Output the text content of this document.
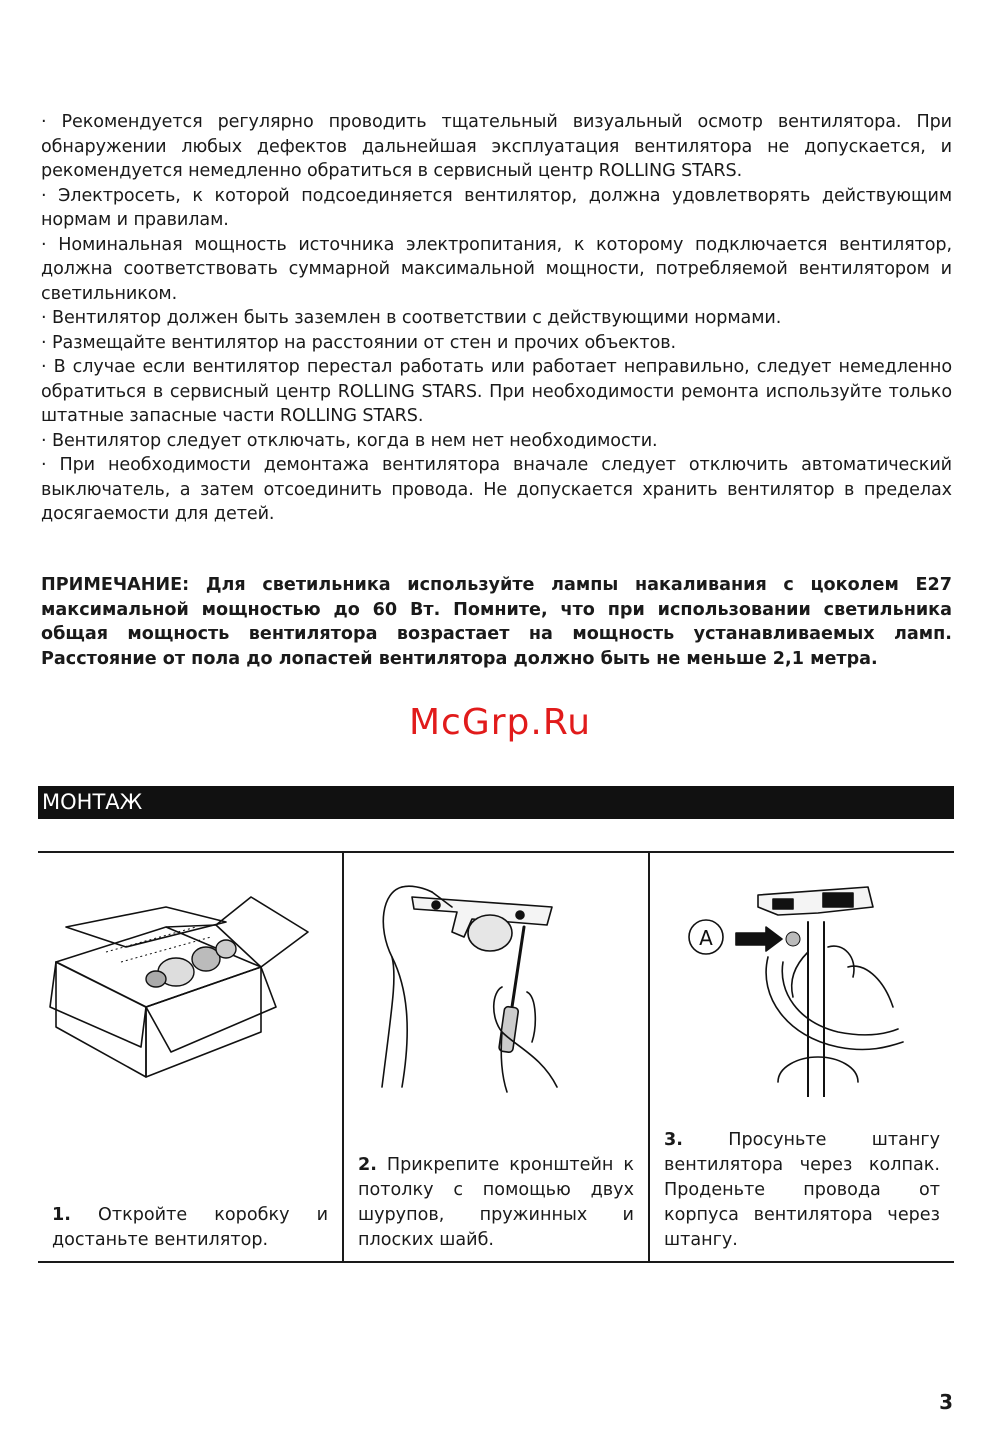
· Рекомендуется регулярно проводить тщательный визуальный осмотр вентилятора. При обнаружении любых дефектов дальнейшая эксплуатация вентилятора не допускается, и рекомендуется немедленно обратиться в сервисный центр ROLLING STARS.

· Электросеть, к которой подсоединяется вентилятор, должна удовлетворять действующим нормам и правилам.

· Номинальная мощность источника электропитания, к которому подключается вентилятор, должна соответствовать суммарной максимальной мощности, потребляемой вентилятором и светильником.

· Вентилятор должен быть заземлен в соответствии с действующими нормами.

· Размещайте вентилятор на расстоянии от стен и прочих объектов.

· В случае если вентилятор перестал работать или работает неправильно, следует немедленно обратиться в сервисный центр ROLLING STARS. При необходимости ремонта используйте только штатные запасные части ROLLING STARS.

· Вентилятор следует отключать, когда в нем нет необходимости.

· При необходимости демонтажа вентилятора вначале следует отключить автоматический выключатель, а затем отсоединить провода. Не допускается хранить вентилятор в пределах досягаемости для детей.

ПРИМЕЧАНИЕ: Для светильника используйте лампы накаливания с цоколем Е27 максимальной мощностью до 60 Вт. Помните, что при использовании светильника общая мощность вентилятора возрастает на мощность устанавливаемых ламп. Расстояние от пола до лопастей вентилятора должно быть не меньше 2,1 метра.

McGrp.Ru
МОНТАЖ

1. Откройте коробку и достаньте вентилятор.

2. Прикрепите кронштейн к потолку с помощью двух шурупов, пружинных и плоских шайб.

A

3.	Просуньте штангу вентилятора через колпак. Проденьте провода от корпуса вентилятора через штангу.

3
